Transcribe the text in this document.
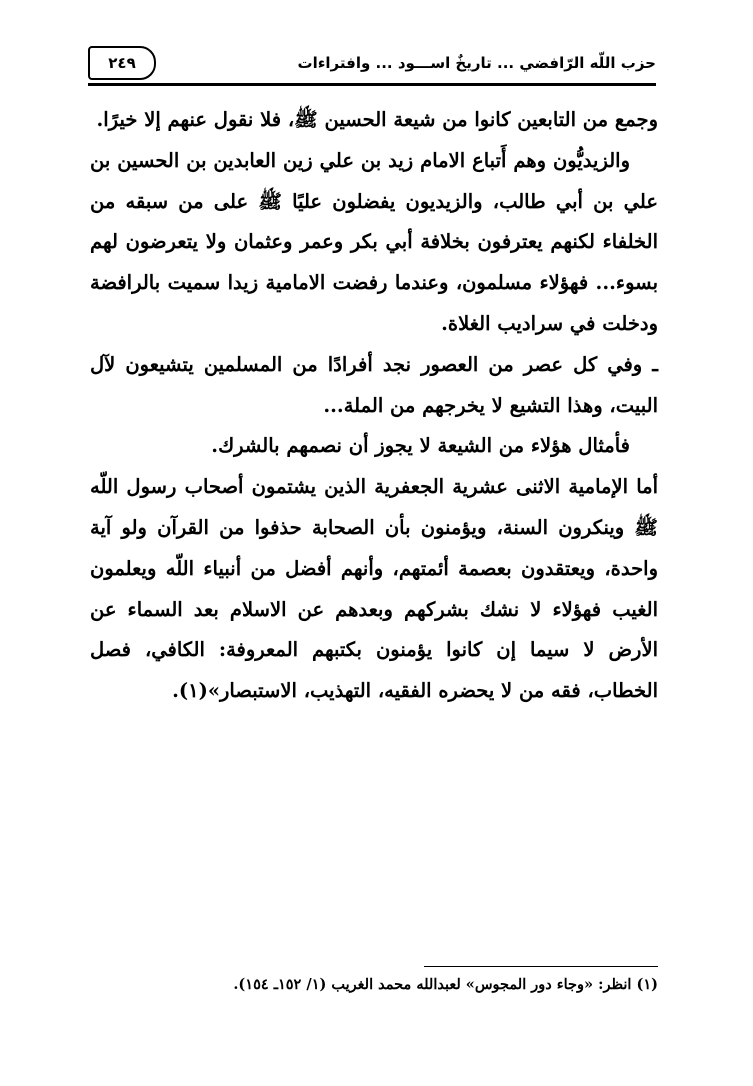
٢٤٩	حزب اللّه الرّافضي ... تاريخٌ اســـود ... وافتراءات

وجمع من التابعين كانوا من شيعة الحسين ﷺ، فلا نقول عنهم إلا خيرًا.

والزيديُّون وهم أَتباع الامام زيد بن علي زين العابدين بن الحسين بن علي بن أبي طالب، والزيديون يفضلون عليًا ﷺ على من سبقه من الخلفاء لكنهم يعترفون بخلافة أبي بكر وعمر وعثمان ولا يتعرضون لهم بسوء... فهؤلاء مسلمون، وعندما رفضت الامامية زيدا سميت بالرافضة ودخلت في سراديب الغلاة.

ـ وفي كل عصر من العصور نجد أفرادًا من المسلمين يتشيعون لآل البيت، وهذا التشيع لا يخرجهم من الملة...

فأمثال هؤلاء من الشيعة لا يجوز أن نصمهم بالشرك.

أما الإمامية الاثنى عشرية الجعفرية الذين يشتمون أصحاب رسول اللّه ﷺ وينكرون السنة، ويؤمنون بأن الصحابة حذفوا من القرآن ولو آية واحدة، ويعتقدون بعصمة أئمتهم، وأنهم أفضل من أنبياء اللّه ويعلمون الغيب فهؤلاء لا نشك بشركهم وبعدهم عن الاسلام بعد السماء عن الأرض لا سيما إن كانوا يؤمنون بكتبهم المعروفة: الكافي، فصل الخطاب، فقه من لا يحضره الفقيه، التهذيب، الاستبصار»(١).

(١) انظر: «وجاء دور المجوس» لعبدالله محمد الغريب (١/ ١٥٢ـ ١٥٤).
